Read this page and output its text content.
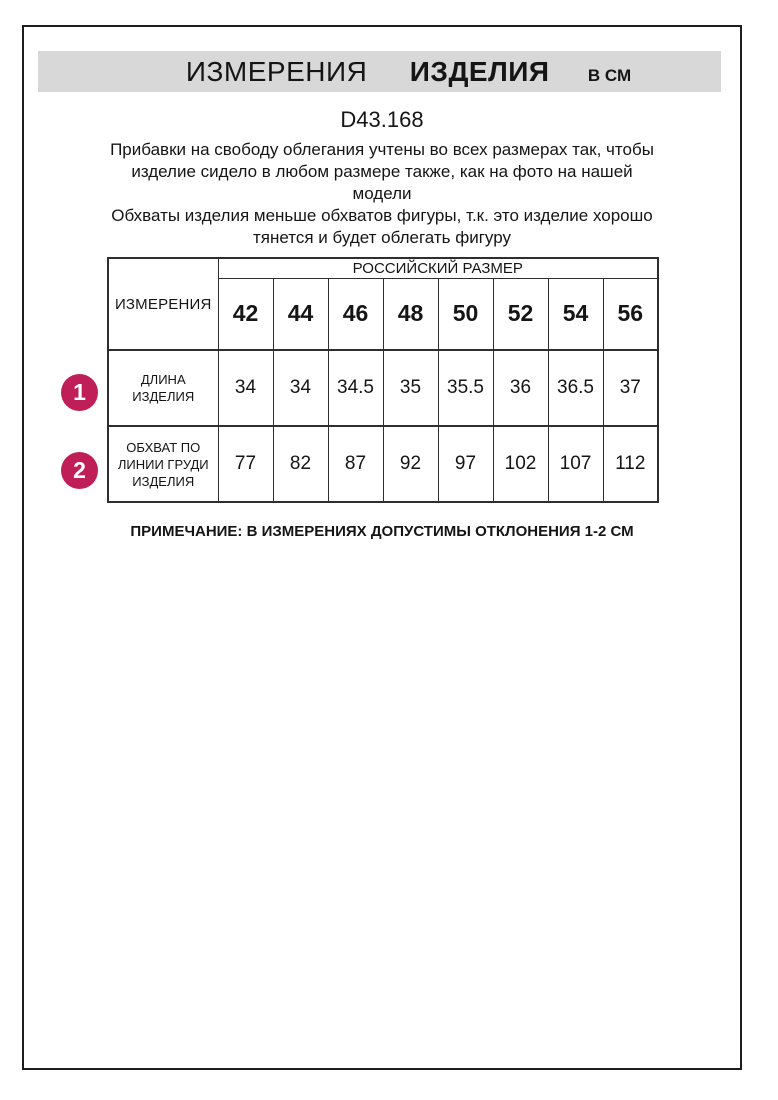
ИЗМЕРЕНИЯ ИЗДЕЛИЯ В СМ
D43.168
Прибавки на свободу облегания учтены во всех размерах так, чтобы
изделие сидело в любом размере также, как на фото на нашей
модели
Обхваты изделия меньше обхватов фигуры, т.к. это изделие хорошо
тянется и будет облегать фигуру
ИЗМЕРЕНИЯ	РОССИЙСКИЙ РАЗМЕР							
	42	44	46	48	50	52	54	56
ДЛИНА ИЗДЕЛИЯ	34	34	34.5	35	35.5	36	36.5	37
ОБХВАТ ПО ЛИНИИ ГРУДИ ИЗДЕЛИЯ	77	82	87	92	97	102	107	112
ПРИМЕЧАНИЕ: В ИЗМЕРЕНИЯХ ДОПУСТИМЫ ОТКЛОНЕНИЯ 1-2 СМ
1
2
